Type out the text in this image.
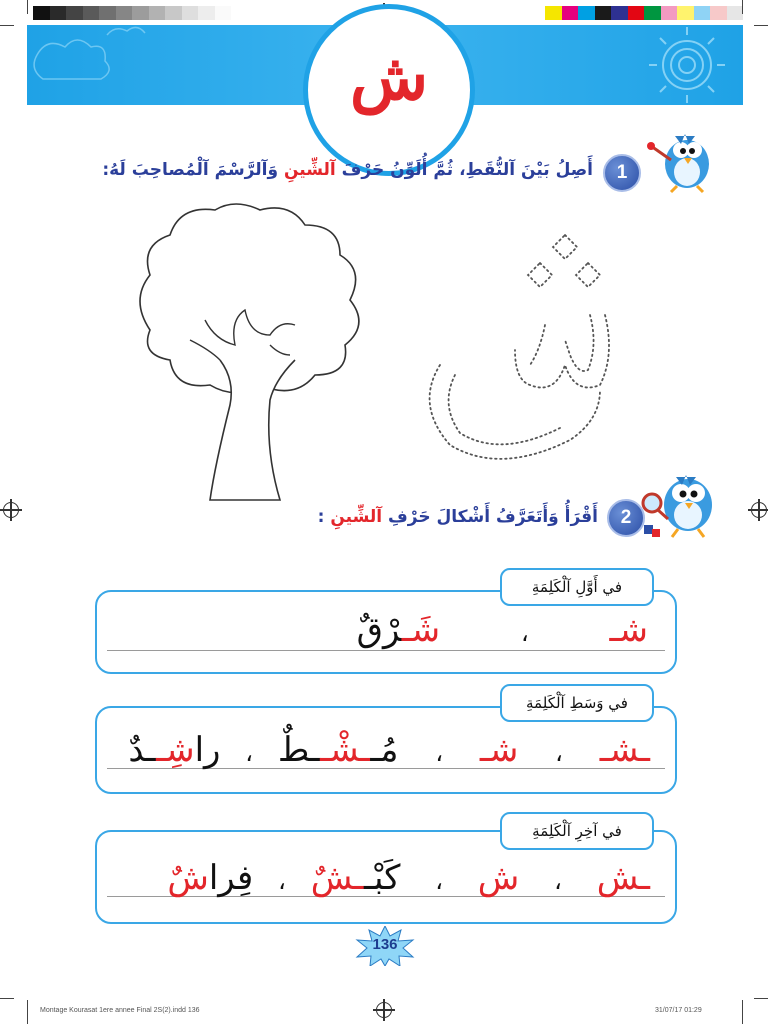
ش
1
أَصِلُ بَيْنَ آلنُّقَطِ، ثُمَّ أُلَوِّنُ حَرْفَ آلشِّينِ وَآلرَّسْمَ آلْمُصاحِبَ لَهُ:
2
أَقْرَأُ وَأَتَعَرَّفُ أَشْكالَ حَرْفِ آلشِّينِ :
في أَوَّلِ آلْكَلِمَةِ
شـ ، شَـرْقٌ
في وَسَطِ آلْكَلِمَةِ
ـشـ ، شـ ، مُــشْــطٌ ، راشِــدٌ
في آخِرِ آلْكَلِمَةِ
ـش ، ش ، كَبْــشٌ ، فِراشٌ
136
Montage Kourasat 1ere annee Final 2S(2).indd 136	31/07/17 01:29
